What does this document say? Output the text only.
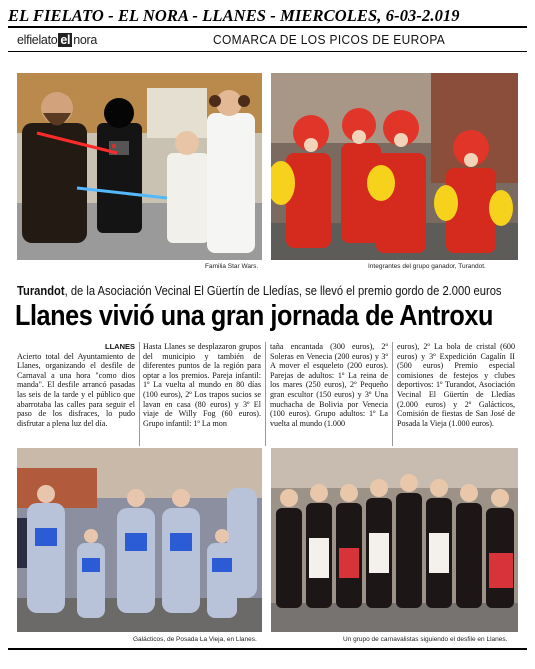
EL FIELATO - EL NORA - LLANES - MIERCOLES, 6-03-2.019
elfielato el nora	COMARCA DE LOS PICOS DE EUROPA
Familia Star Wars.	Integrantes del grupo ganador, Turandot.
Turandot, de la Asociación Vecinal El Güertín de Lledías, se llevó el premio gordo de 2.000 euros
Llanes vivió una gran jornada de Antroxu
LLANES

Acierto total del Ayuntamiento de Llanes, organizando el desfile de Carnaval a una hora "como dios manda". El desfile arrancó pasadas las seis de la tarde y el público que abarrotaba las calles para seguir el paso de los disfraces, lo pudo disfrutar a plena luz del día.

Hasta Llanes se desplazaron grupos del municipio y también de diferentes puntos de la región para optar a los premios. Pareja infantil: 1º La vuelta al mundo en 80 días (100 euros), 2º Los trapos sucios se lavan en casa (80 euros) y 3º El viaje de Willy Fog (60 euros). Grupo infantil: 1º La mon

taña encantada (300 euros), 2º Soleras en Venecia (200 euros) y 3º A mover el esqueleto (200 euros). Parejas de adultos: 1º La reina de los mares (250 euros), 2º Pequeño gran escultor (150 euros) y 3º Una muchacha de Bolivia por Venecia (100 euros). Grupo adultos: 1º La vuelta al mundo (1.000

euros), 2º La bola de cristal (600 euros) y 3º Expedición Cagalín II (500 euros) Premio especial comisiones de festejos y clubes deportivos: 1º Turandot, Asociación Vecinal El Güertín de Lledías (2.000 euros) y 2º Galácticos, Comisión de fiestas de San José de Posada la Vieja (1.000 euros).

Galácticos, de Posada La Vieja, en Llanes.	Un grupo de carnavalistas siguiendo el desfile en Llanes.
